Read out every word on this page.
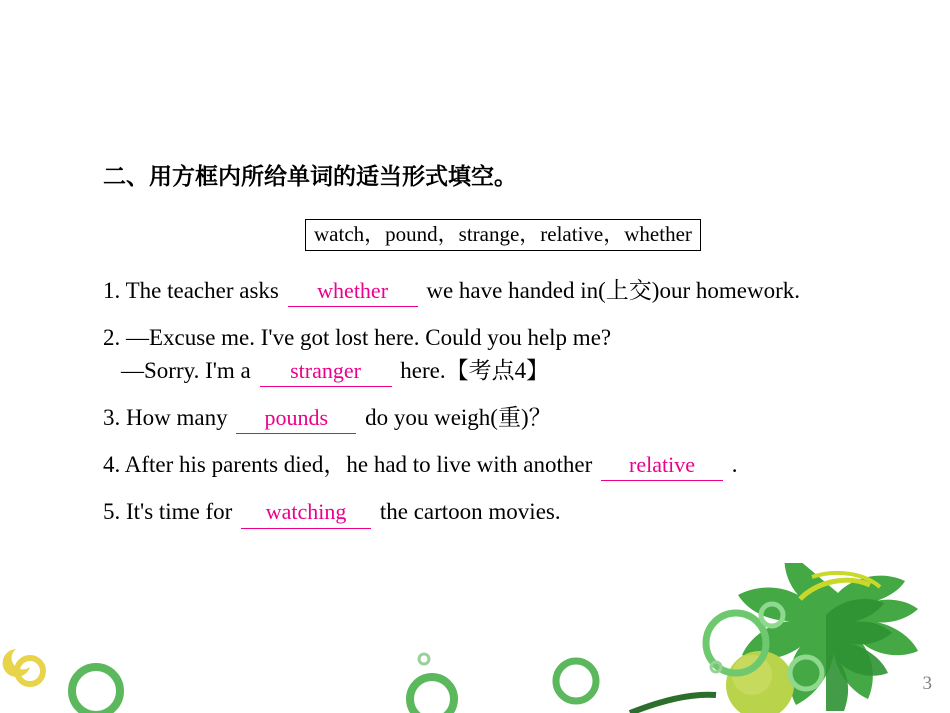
二、用方框内所给单词的适当形式填空。
watch，pound，strange，relative，whether
1. The teacher asks whether we have handed in(上交)our homework.
2. —Excuse me. I've got lost here. Could you help me?
—Sorry. I'm a stranger here.【考点4】
3. How many pounds do you weigh(重)？
4. After his parents died，he had to live with another relative .
5. It's time for watching the cartoon movies.
3
